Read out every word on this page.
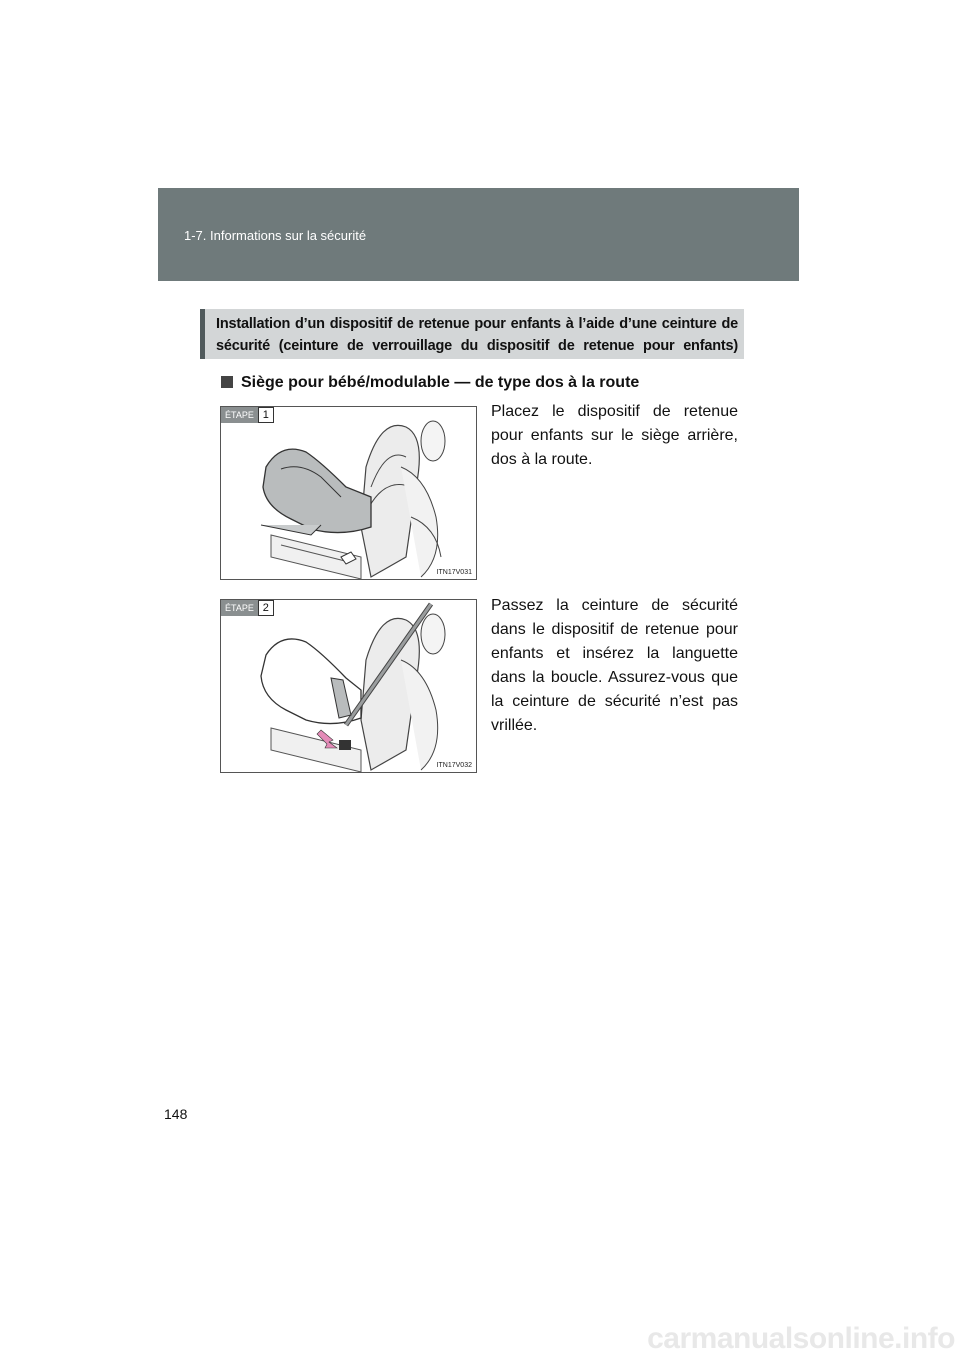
1-7. Informations sur la sécurité
Installation d’un dispositif de retenue pour enfants à l’aide d’une ceinture de sécurité (ceinture de verrouillage du dispositif de retenue pour enfants)
Siège pour bébé/modulable — de type dos à la route
ÉTAPE 1
ITN17V031
Placez le dispositif de retenue pour enfants sur le siège arrière, dos à la route.
ÉTAPE 2
ITN17V032
Passez la ceinture de sécurité dans le dispositif de retenue pour enfants et insérez la languette dans la boucle. Assurez-vous que la ceinture de sécurité n’est pas vrillée.
148
carmanualsonline.info
